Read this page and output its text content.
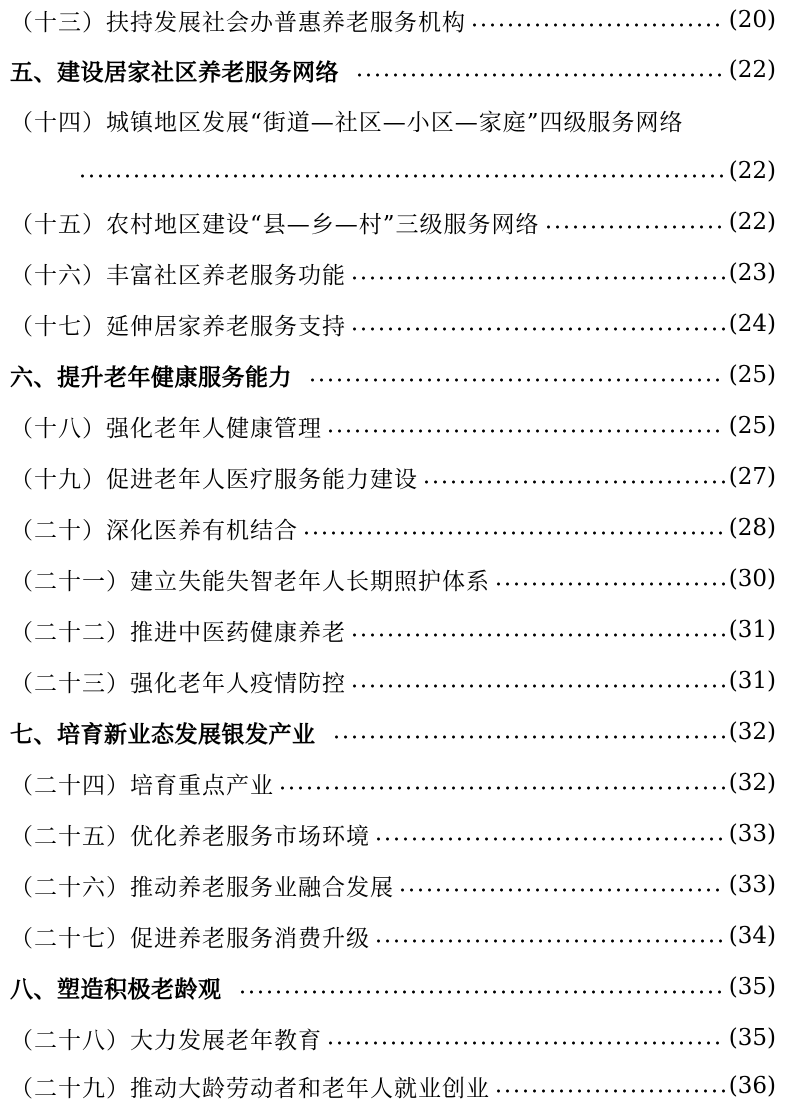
（十三）扶持发展社会办普惠养老服务机构	(20)
五、建设居家社区养老服务网络	(22)
（十四）城镇地区发展“街道—社区—小区—家庭”四级服务网络
(22)
（十五）农村地区建设“县—乡—村”三级服务网络	(22)
（十六）丰富社区养老服务功能	(23)
（十七）延伸居家养老服务支持	(24)
六、提升老年健康服务能力	(25)
（十八）强化老年人健康管理	(25)
（十九）促进老年人医疗服务能力建设	(27)
（二十）深化医养有机结合	(28)
（二十一）建立失能失智老年人长期照护体系	(30)
（二十二）推进中医药健康养老	(31)
（二十三）强化老年人疫情防控	(31)
七、培育新业态发展银发产业	(32)
（二十四）培育重点产业	(32)
（二十五）优化养老服务市场环境	(33)
（二十六）推动养老服务业融合发展	(33)
（二十七）促进养老服务消费升级	(34)
八、塑造积极老龄观	(35)
（二十八）大力发展老年教育	(35)
（二十九）推动大龄劳动者和老年人就业创业	(36)
